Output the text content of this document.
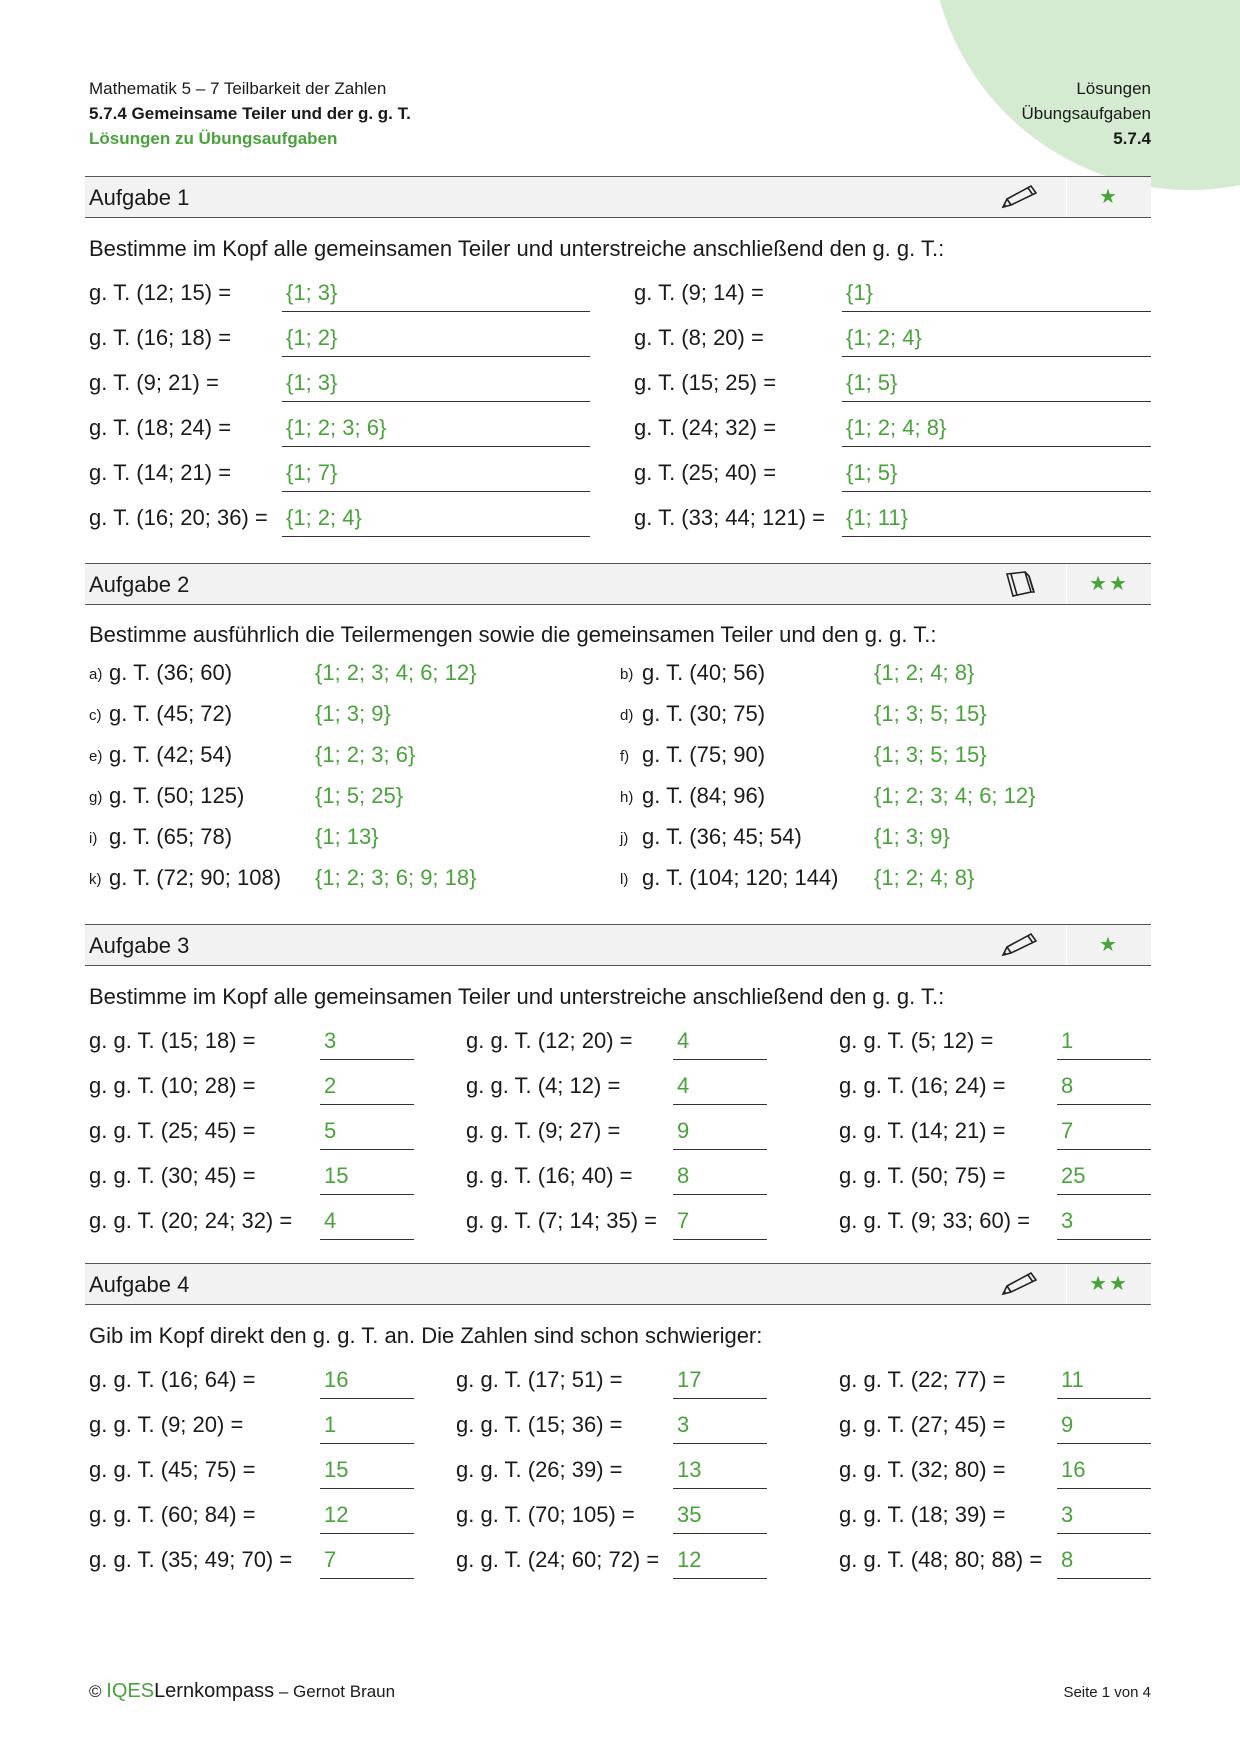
Mathematik 5 – 7 Teilbarkeit der Zahlen
5.7.4 Gemeinsame Teiler und der g. g. T.
Lösungen zu Übungsaufgaben
Lösungen
Übungsaufgaben
5.7.4
Aufgabe 1	★
Bestimme im Kopf alle gemeinsamen Teiler und unterstreiche anschließend den g. g. T.:
g. T. (12; 15) = {1; 3}	g. T. (9; 14) =	{1}
g. T. (16; 18) = {1; 2}	g. T. (8; 20) =	{1; 2; 4}
g. T. (9; 21) =	{1; 3}	g. T. (15; 25) =	{1; 5}
g. T. (18; 24) = {1; 2; 3; 6}	g. T. (24; 32) =	{1; 2; 4; 8}
g. T. (14; 21) = {1; 7}	g. T. (25; 40) =	{1; 5}
g. T. (16; 20; 36) = {1; 2; 4}	g. T. (33; 44; 121) = {1; 11}
Aufgabe 2	★★
Bestimme ausführlich die Teilermengen sowie die gemeinsamen Teiler und den g. g. T.:
a) g. T. (36; 60)	{1; 2; 3; 4; 6; 12}	b) g. T. (40; 56)	{1; 2; 4; 8}
c) g. T. (45; 72)	{1; 3; 9}	d) g. T. (30; 75)	{1; 3; 5; 15}
e) g. T. (42; 54)	{1; 2; 3; 6}	f) g. T. (75; 90)	{1; 3; 5; 15}
g) g. T. (50; 125)	{1; 5; 25}	h) g. T. (84; 96)	{1; 2; 3; 4; 6; 12}
i) g. T. (65; 78)	{1; 13}	j) g. T. (36; 45; 54)	{1; 3; 9}
k) g. T. (72; 90; 108) {1; 2; 3; 6; 9; 18}	l) g. T. (104; 120; 144) {1; 2; 4; 8}
Aufgabe 3	★
Bestimme im Kopf alle gemeinsamen Teiler und unterstreiche anschließend den g. g. T.:
g. g. T. (15; 18) =	3	g. g. T. (12; 20) = 4	g. g. T. (5; 12) =	1
g. g. T. (10; 28) =	2	g. g. T. (4; 12) =	4	g. g. T. (16; 24) =	8
g. g. T. (25; 45) =	5	g. g. T. (9; 27) =	9	g. g. T. (14; 21) =	7
g. g. T. (30; 45) =	15	g. g. T. (16; 40) = 8	g. g. T. (50; 75) =	25
g. g. T. (20; 24; 32) = 4	g. g. T. (7; 14; 35) = 7	g. g. T. (9; 33; 60) = 3
Aufgabe 4	★★
Gib im Kopf direkt den g. g. T. an. Die Zahlen sind schon schwieriger:
g. g. T. (16; 64) =	16	g. g. T. (17; 51) = 17	g. g. T. (22; 77) =	11
g. g. T. (9; 20) =	1	g. g. T. (15; 36) = 3	g. g. T. (27; 45) =	9
g. g. T. (45; 75) =	15	g. g. T. (26; 39) = 13	g. g. T. (32; 80) =	16
g. g. T. (60; 84) =	12	g. g. T. (70; 105) = 35	g. g. T. (18; 39) =	3
g. g. T. (35; 49; 70) = 7	g. g. T. (24; 60; 72) = 12	g. g. T. (48; 80; 88) = 8
© IQESLernkompass – Gernot Braun	Seite 1 von 4
